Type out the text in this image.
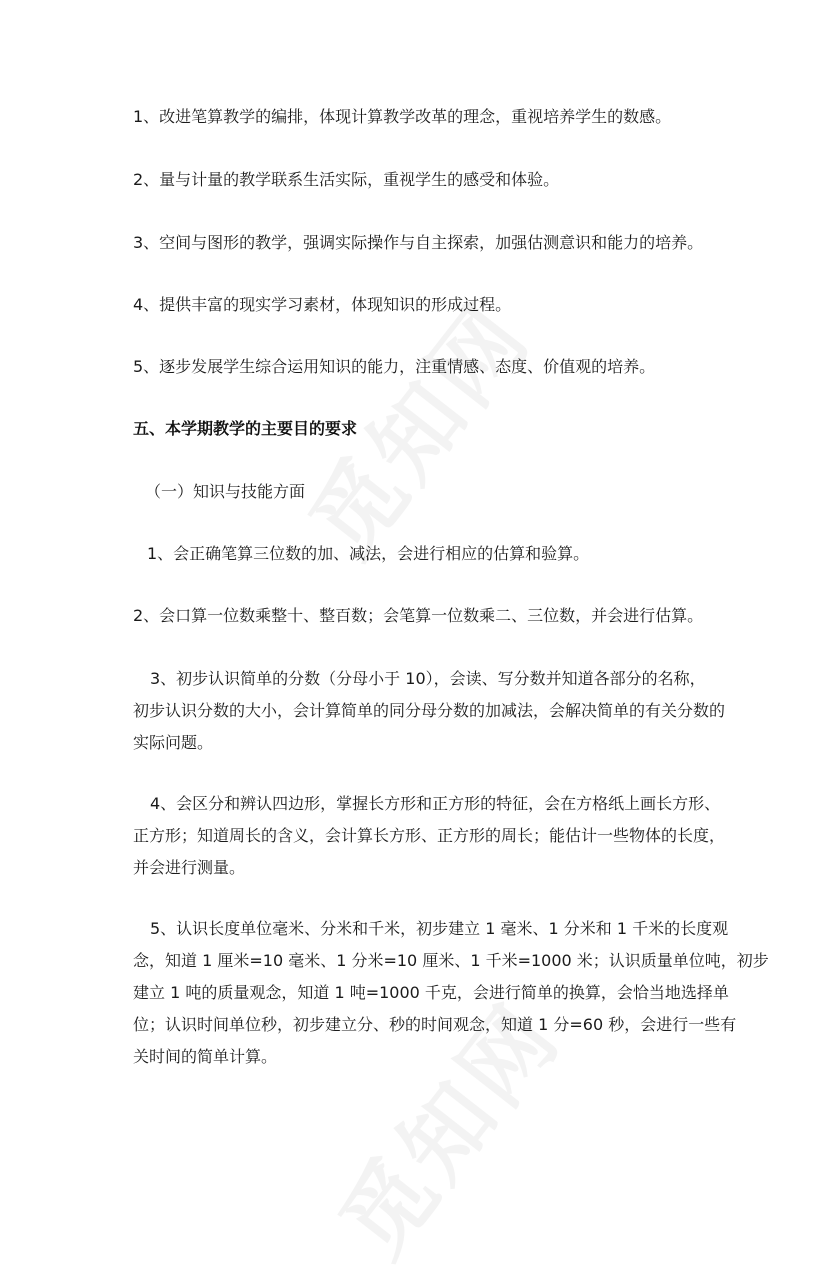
1、改进笔算教学的编排，体现计算教学改革的理念，重视培养学生的数感。
2、量与计量的教学联系生活实际，重视学生的感受和体验。
3、空间与图形的教学，强调实际操作与自主探索，加强估测意识和能力的培养。
4、提供丰富的现实学习素材，体现知识的形成过程。
5、逐步发展学生综合运用知识的能力，注重情感、态度、价值观的培养。
五、本学期教学的主要目的要求
（一）知识与技能方面
1、会正确笔算三位数的加、减法，会进行相应的估算和验算。
2、会口算一位数乘整十、整百数；会笔算一位数乘二、三位数，并会进行估算。
3、初步认识简单的分数（分母小于 10），会读、写分数并知道各部分的名称，
初步认识分数的大小，会计算简单的同分母分数的加减法，会解决简单的有关分数的
实际问题。
4、会区分和辨认四边形，掌握长方形和正方形的特征，会在方格纸上画长方形、
正方形；知道周长的含义，会计算长方形、正方形的周长；能估计一些物体的长度，
并会进行测量。
5、认识长度单位毫米、分米和千米，初步建立 1 毫米、1 分米和 1 千米的长度观
念，知道 1 厘米=10 毫米、1 分米=10 厘米、1 千米=1000 米；认识质量单位吨，初步
建立 1 吨的质量观念，知道 1 吨=1000 千克，会进行简单的换算，会恰当地选择单
位；认识时间单位秒，初步建立分、秒的时间观念，知道 1 分=60 秒，会进行一些有
关时间的简单计算。
